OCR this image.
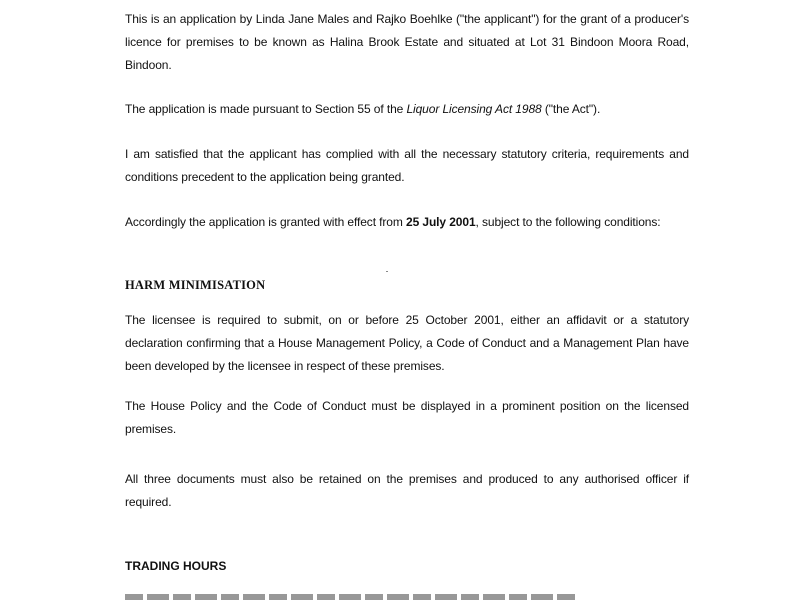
This is an application by Linda Jane Males and Rajko Boehlke ("the applicant") for the grant of a producer's licence for premises to be known as Halina Brook Estate and situated at Lot 31 Bindoon Moora Road, Bindoon.

The application is made pursuant to Section 55 of the Liquor Licensing Act 1988 ("the Act").

I am satisfied that the applicant has complied with all the necessary statutory criteria, requirements and conditions precedent to the application being granted.

Accordingly the application is granted with effect from 25 July 2001, subject to the following conditions:

HARM MINIMISATION

The licensee is required to submit, on or before 25 October 2001, either an affidavit or a statutory declaration confirming that a House Management Policy, a Code of Conduct and a Management Plan have been developed by the licensee in respect of these premises.

The House Policy and the Code of Conduct must be displayed in a prominent position on the licensed premises.

All three documents must also be retained on the premises and produced to any authorised officer if required.

TRADING HOURS
